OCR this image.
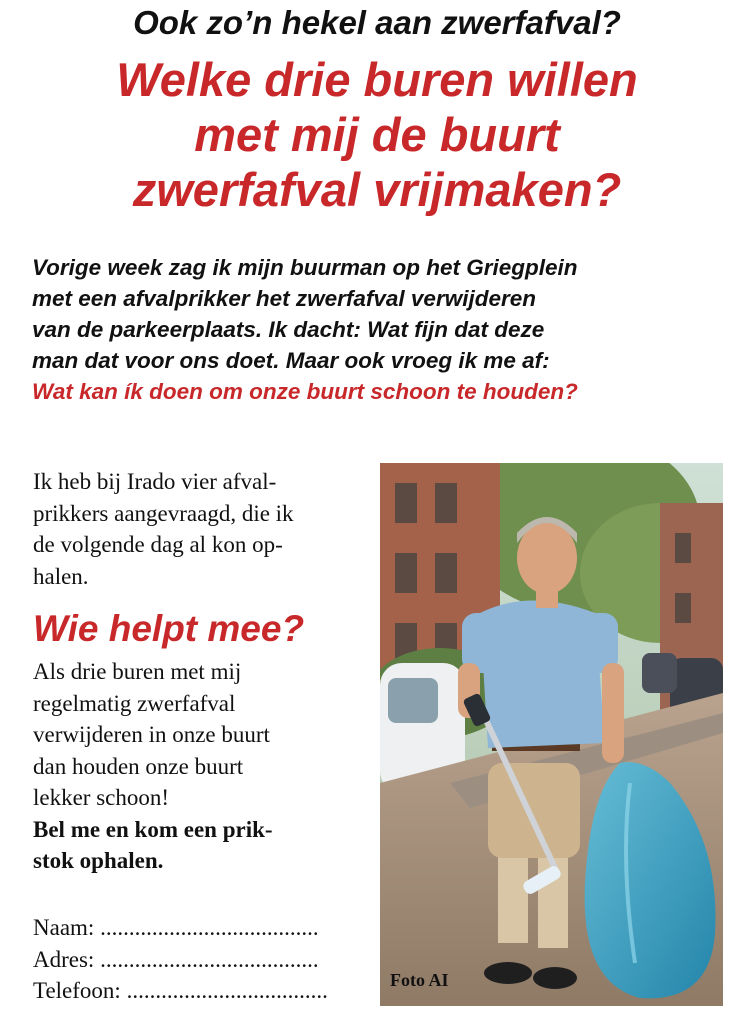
Ook zo’n hekel aan zwerfafval?
Welke drie buren willen
met mij de buurt
zwerfafval vrijmaken?
Vorige week zag ik mijn buurman op het Griegplein
met een afvalprikker het zwerfafval verwijderen
van de parkeerplaats. Ik dacht: Wat fijn dat deze
man dat voor ons doet. Maar ook vroeg ik me af:
Wat kan ík doen om onze buurt schoon te houden?
Ik heb bij Irado vier afval-
prikkers aangevraagd, die ik
de volgende dag al kon op-
halen.
Wie helpt mee?
Als drie buren met mij
regelmatig zwerfafval
verwijderen in onze buurt
dan houden onze buurt
lekker schoon!
Bel me en kom een prik-
stok ophalen.
Naam:
......................................
Adres:
......................................
Telefoon:
...................................	Foto AI
